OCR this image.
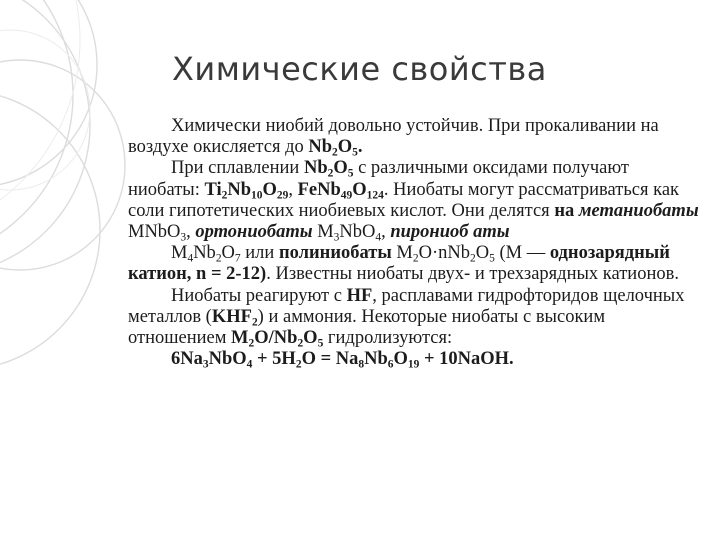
Химические свойства

Химически ниобий довольно устойчив. При прокаливании на воздухе окисляется до $Nb_2O_5$.

При сплавлении $Nb_2O_5$ с различными оксидами получают ниобаты: $Ti_2Nb_{10}O_{29}$, $FeNb_{49}O_{124}$. Ниобаты могут рассматриваться как соли гипотетических ниобиевых кислот. Они делятся на метаниобаты MNbO$_3$, ортониобаты $M_3NbO_4$, пирониоб аты

$M_4Nb_2O_7$ или полиниобаты $M_2O\cdot nNb_2O_5$ (M — однозарядный катион, n = 2-12). Известны ниобаты двух- и трехзарядных катионов.

Ниобаты реагируют с HF, расплавами гидрофторидов щелочных металлов $(KHF_2)$ и аммония. Некоторые ниобаты с высоким отношением $M_2O/Nb_2O_5$ гидролизуются:

$6Na_3NbO_4 + 5H_2O = Na_8Nb_6O_{19}$ + 10NaOH.
